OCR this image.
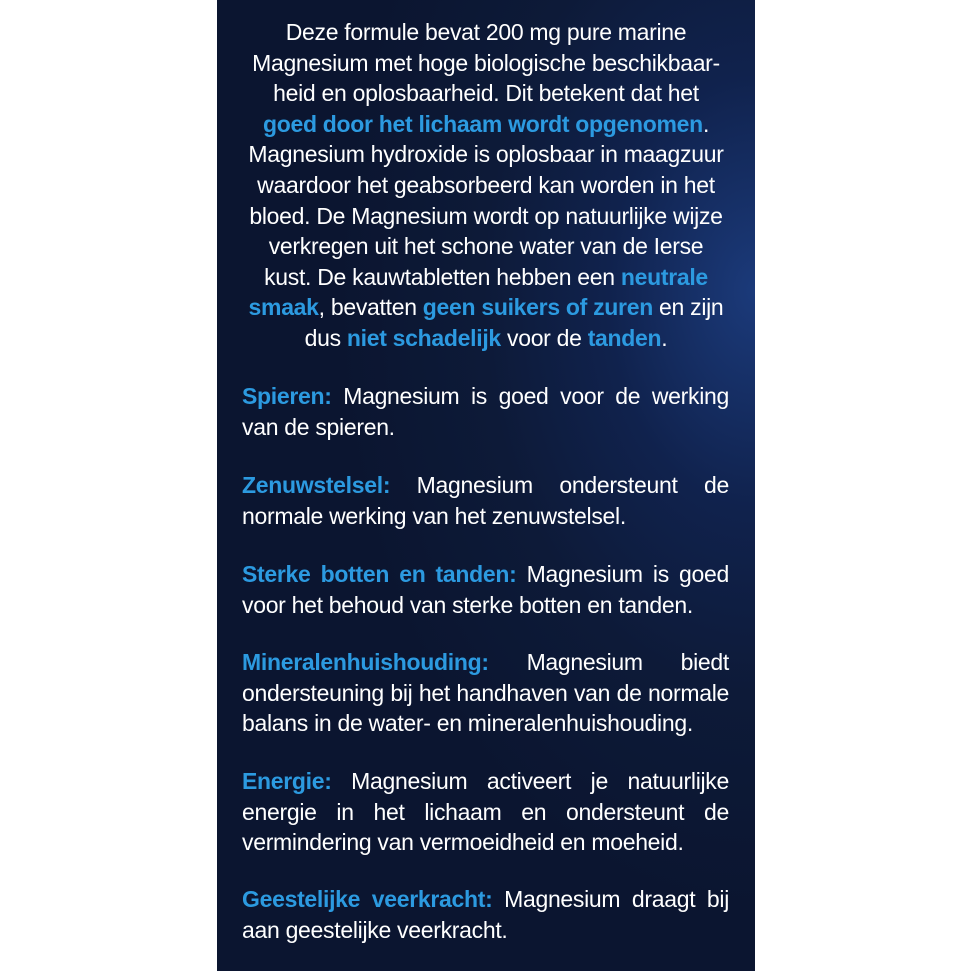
Deze formule bevat 200 mg pure marine
Magnesium met hoge biologische beschikbaar-
heid en oplosbaarheid. Dit betekent dat het
goed door het lichaam wordt opgenomen.
Magnesium hydroxide is oplosbaar in maagzuur
waardoor het geabsorbeerd kan worden in het
bloed. De Magnesium wordt op natuurlijke wijze
verkregen uit het schone water van de Ierse
kust. De kauwtabletten hebben een neutrale
smaak, bevatten geen suikers of zuren en zijn
dus niet schadelijk voor de tanden.
Spieren: Magnesium is goed voor de werking
van de spieren.
Zenuwstelsel: Magnesium ondersteunt de
normale werking van het zenuwstelsel.
Sterke botten en tanden: Magnesium is goed
voor het behoud van sterke botten en tanden.
Mineralenhuishouding: Magnesium biedt
ondersteuning bij het handhaven van de normale
balans in de water- en mineralenhuishouding.
Energie: Magnesium activeert je natuurlijke
energie in het lichaam en ondersteunt de
vermindering van vermoeidheid en moeheid.
Geestelijke veerkracht: Magnesium draagt bij
aan geestelijke veerkracht.
